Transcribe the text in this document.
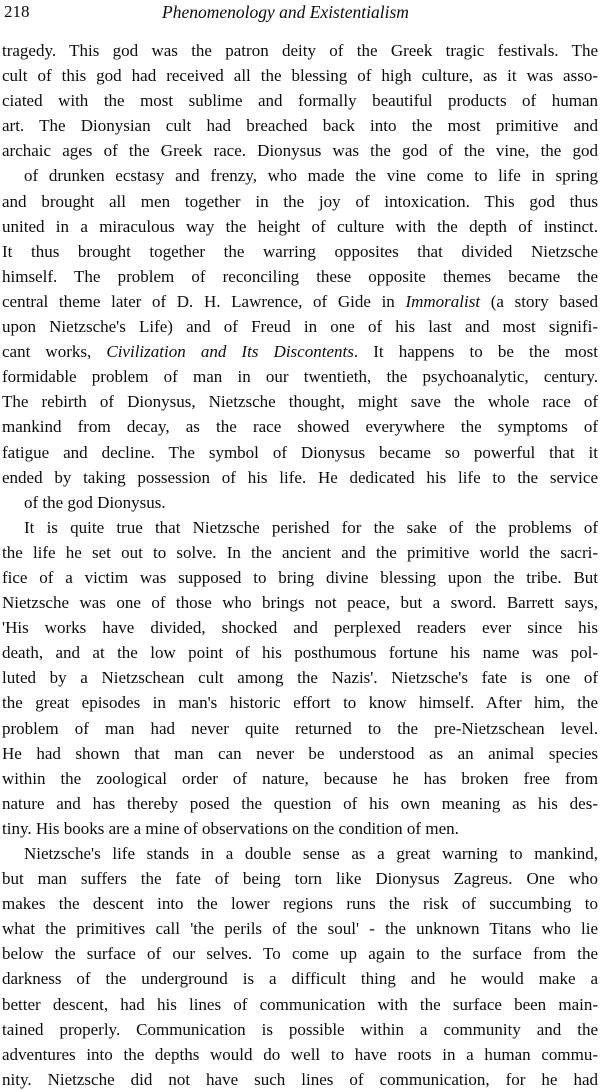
218	Phenomenology and Existentialism
tragedy. This god was the patron deity of the Greek tragic festivals. The
cult of this god had received all the blessing of high culture, as it was asso-
ciated with the most sublime and formally beautiful products of human
art. The Dionysian cult had breached back into the most primitive and
archaic ages of the Greek race. Dionysus was the god of the vine, the god
of drunken ecstasy and frenzy, who made the vine come to life in spring
and brought all men together in the joy of intoxication. This god thus
united in a miraculous way the height of culture with the depth of instinct.
It thus brought together the warring opposites that divided Nietzsche
himself. The problem of reconciling these opposite themes became the
central theme later of D. H. Lawrence, of Gide in Immoralist (a story based
upon Nietzsche's Life) and of Freud in one of his last and most signifi-
cant works, Civilization and Its Discontents. It happens to be the most
formidable problem of man in our twentieth, the psychoanalytic, century.
The rebirth of Dionysus, Nietzsche thought, might save the whole race of
mankind from decay, as the race showed everywhere the symptoms of
fatigue and decline. The symbol of Dionysus became so powerful that it
ended by taking possession of his life. He dedicated his life to the service
of the god Dionysus.
It is quite true that Nietzsche perished for the sake of the problems of
the life he set out to solve. In the ancient and the primitive world the sacri-
fice of a victim was supposed to bring divine blessing upon the tribe. But
Nietzsche was one of those who brings not peace, but a sword. Barrett says,
'His works have divided, shocked and perplexed readers ever since his
death, and at the low point of his posthumous fortune his name was pol-
luted by a Nietzschean cult among the Nazis'. Nietzsche's fate is one of
the great episodes in man's historic effort to know himself. After him, the
problem of man had never quite returned to the pre-Nietzschean level.
He had shown that man can never be understood as an animal species
within the zoological order of nature, because he has broken free from
nature and has thereby posed the question of his own meaning as his des-
tiny. His books are a mine of observations on the condition of men.
Nietzsche's life stands in a double sense as a great warning to mankind,
but man suffers the fate of being torn like Dionysus Zagreus. One who
makes the descent into the lower regions runs the risk of succumbing to
what the primitives call 'the perils of the soul' - the unknown Titans who lie
below the surface of our selves. To come up again to the surface from the
darkness of the underground is a difficult thing and he would make a
better descent, had his lines of communication with the surface been main-
tained properly. Communication is possible within a community and the
adventures into the depths would do well to have roots in a human commu-
nity. Nietzsche did not have such lines of communication, for he had
